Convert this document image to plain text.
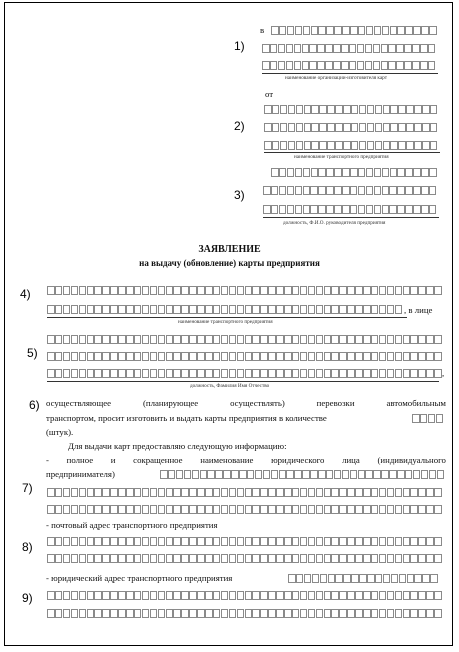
1)
2)
3)
4)
5)
6)
7)
8)
9)
в
наименование организации-изготовителя карт
от
наименование транспортного предприятия
должность, Ф.И.О. руководителя предприятия
ЗАЯВЛЕНИЕ
на выдачу (обновление) карты предприятия
, в лице
наименование транспортного предприятия
,
должность, Фамилия Имя Отчество
осуществляющее	(планирующее	осуществлять)	перевозки	автомобильным
транспортом, просит изготовить и выдать карты предприятия в количестве
(штук).
Для выдачи карт предоставляю следующую информацию:
- полное и сокращенное наименование юридического лица (индивидуального
предпринимателя)
- почтовый адрес транспортного предприятия
- юридический адрес транспортного предприятия
